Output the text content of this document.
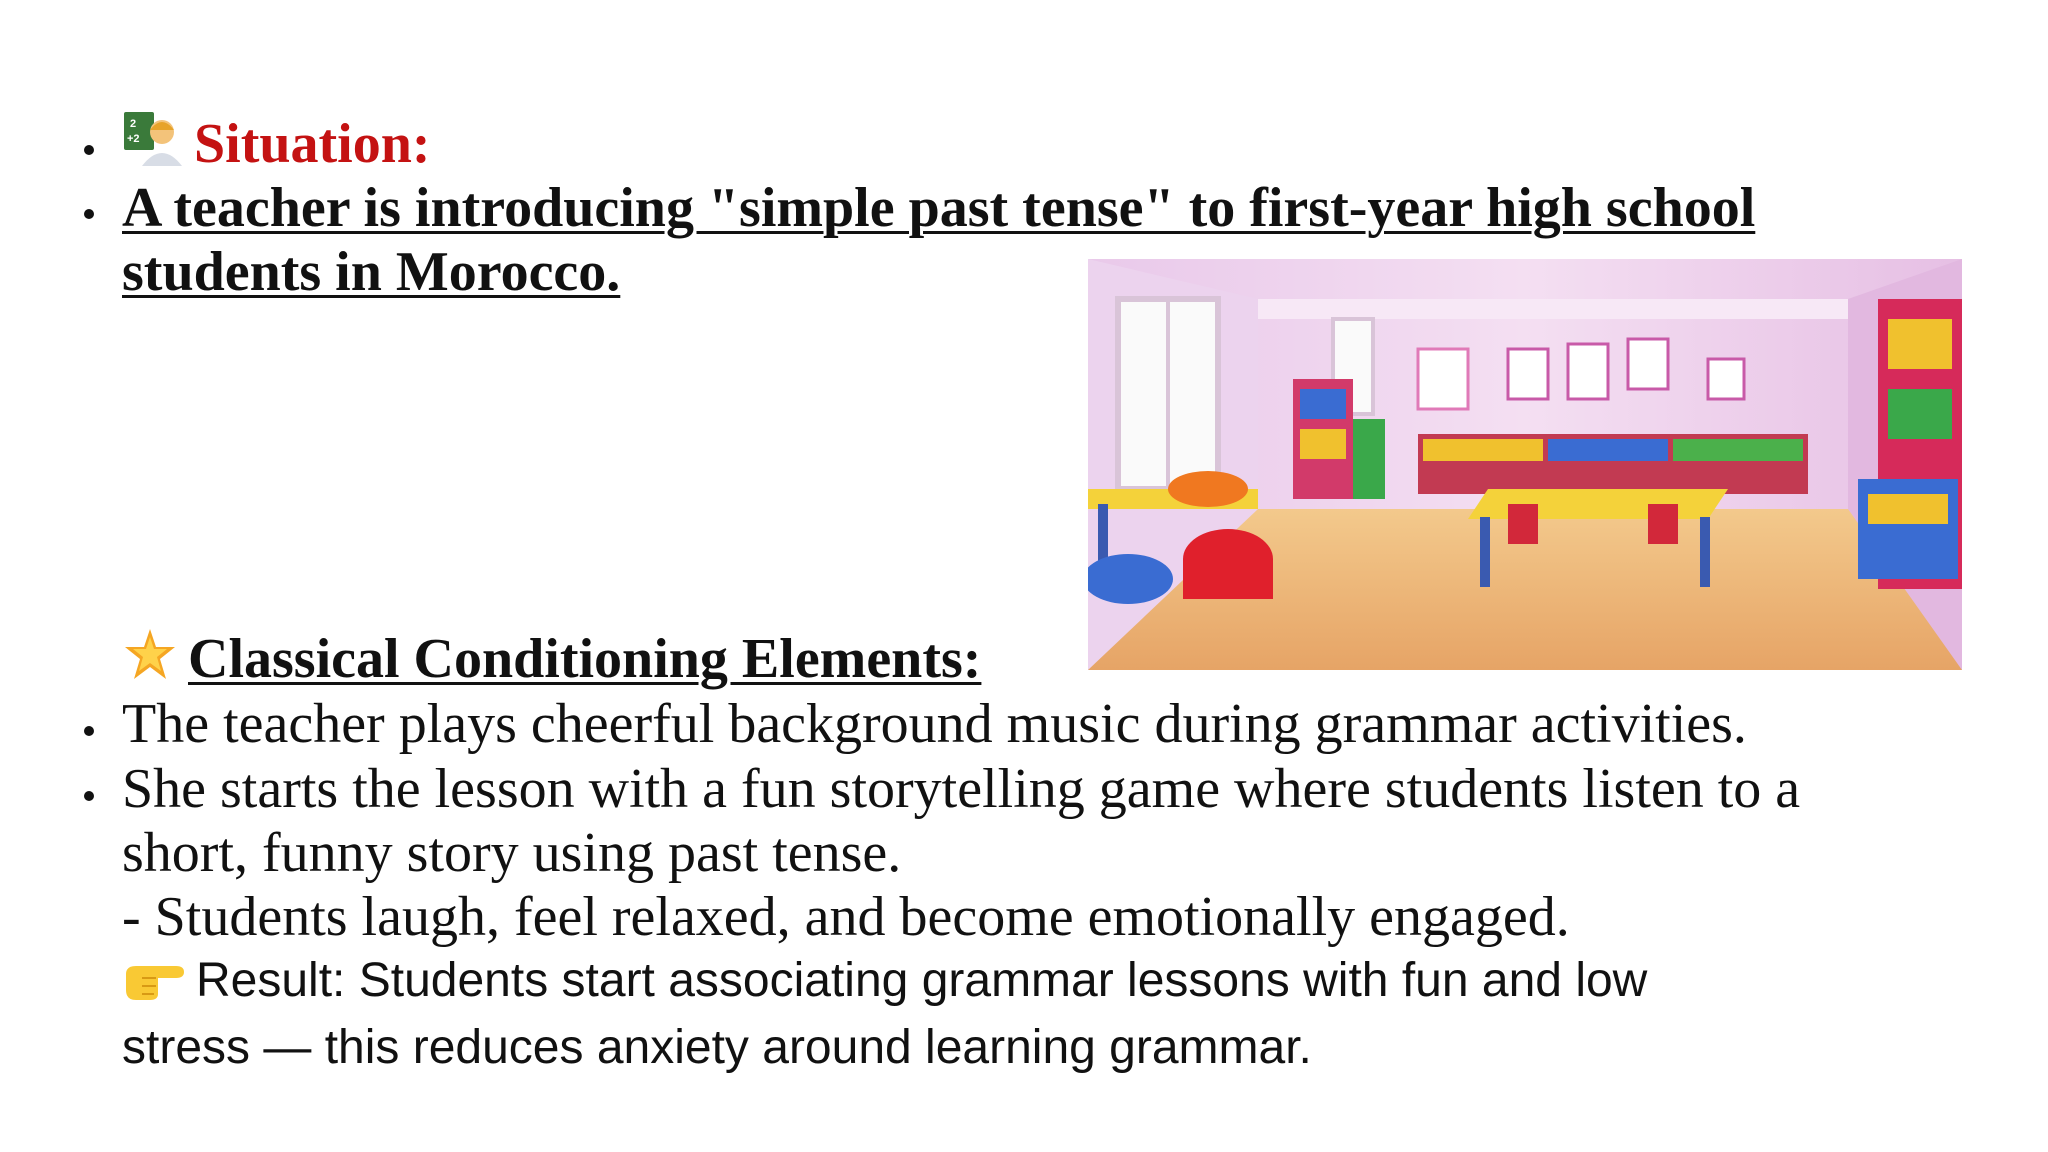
2
+2 Situation:
A teacher is introducing "simple past tense" to first-year high school
students in Morocco.
Classical Conditioning Elements:
The teacher plays cheerful background music during grammar activities.
She starts the lesson with a fun storytelling game where students listen to a
short, funny story using past tense.
- Students laugh, feel relaxed, and become emotionally engaged.
Result: Students start associating grammar lessons with fun and low
stress — this reduces anxiety around learning grammar.
